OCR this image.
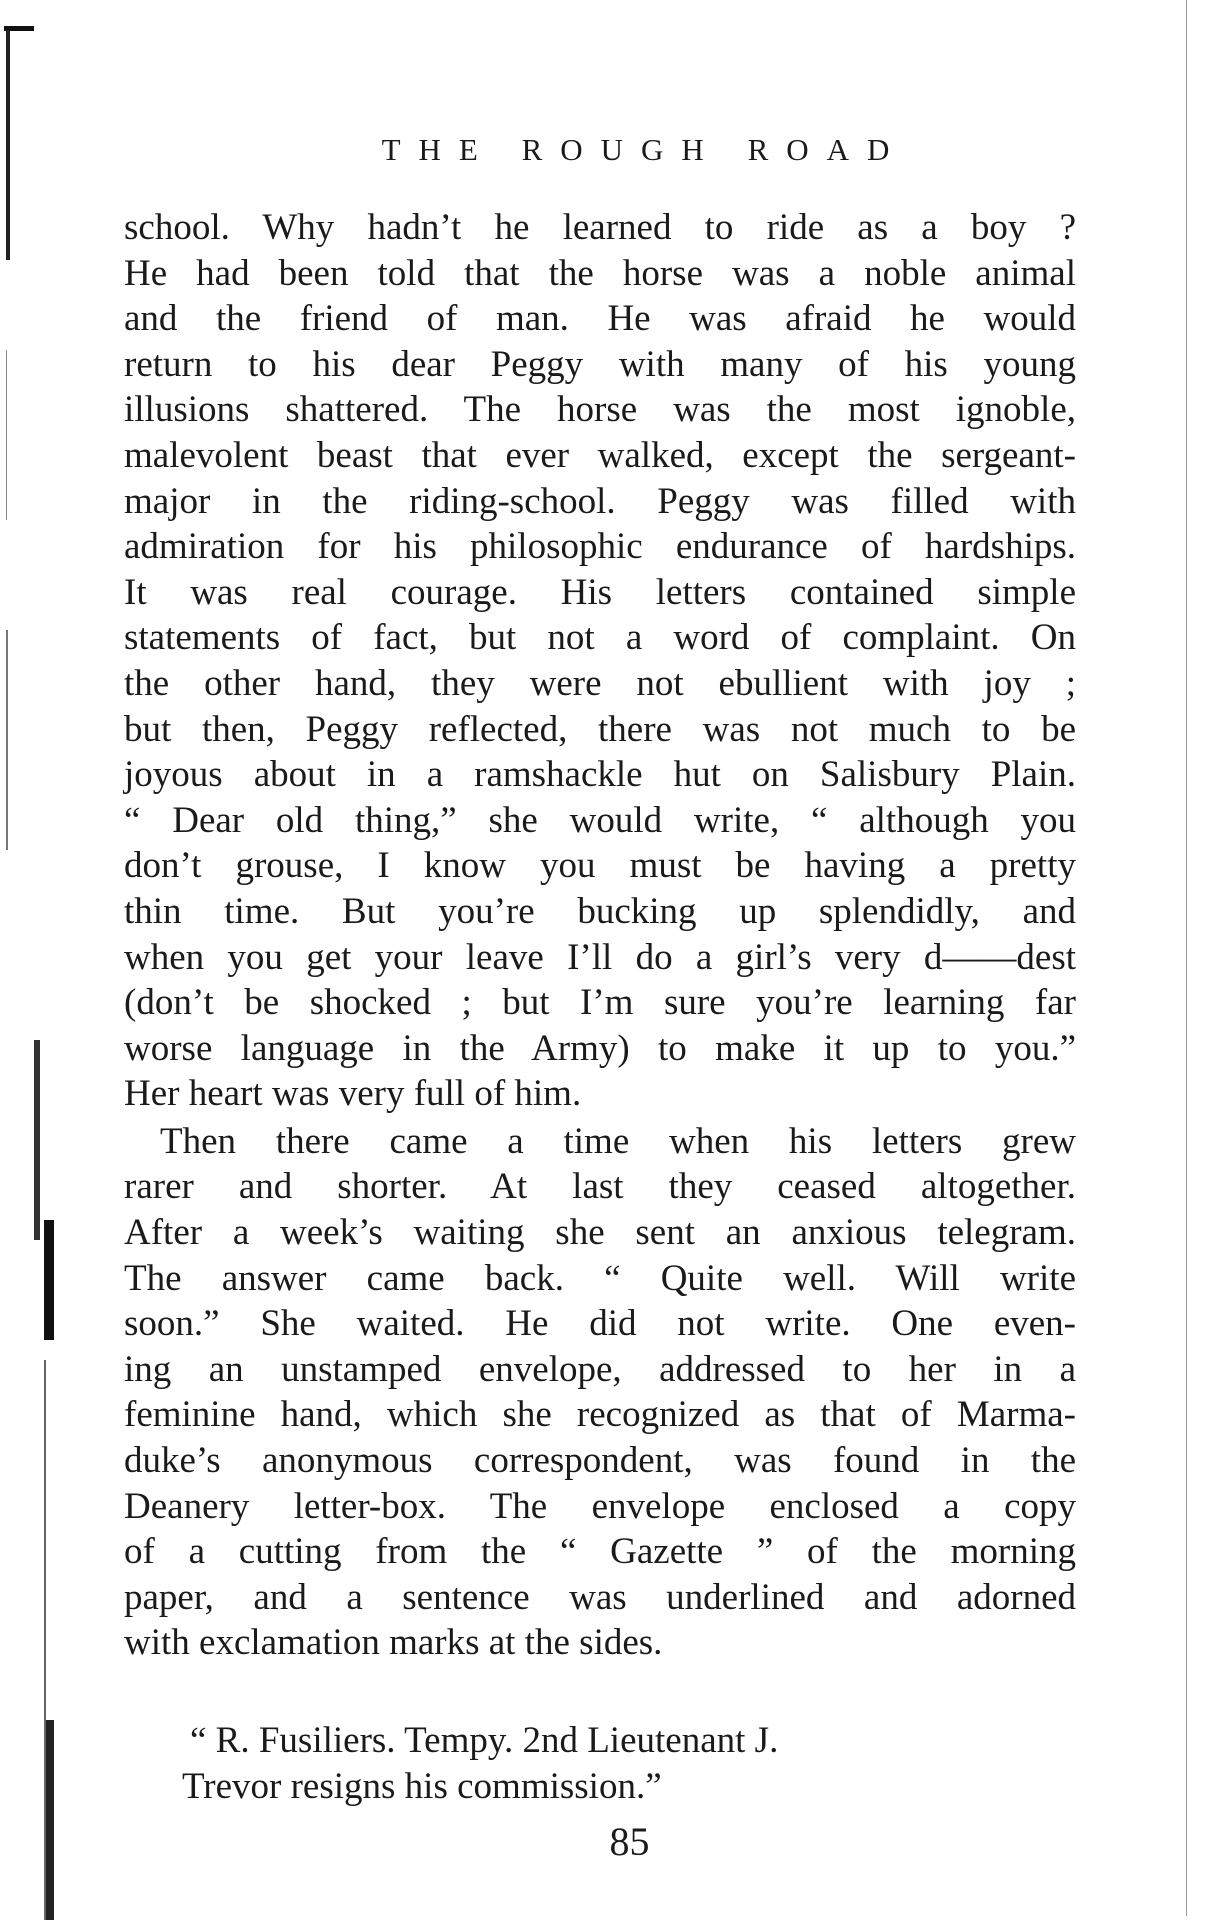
THE ROUGH ROAD
school. Why hadn’t he learned to ride as a boy ?
He had been told that the horse was a noble animal
and the friend of man. He was afraid he would
return to his dear Peggy with many of his young
illusions shattered. The horse was the most ignoble,
malevolent beast that ever walked, except the sergeant-
major in the riding-school. Peggy was filled with
admiration for his philosophic endurance of hardships.
It was real courage. His letters contained simple
statements of fact, but not a word of complaint. On
the other hand, they were not ebullient with joy ;
but then, Peggy reflected, there was not much to be
joyous about in a ramshackle hut on Salisbury Plain.
“ Dear old thing,” she would write, “ although you
don’t grouse, I know you must be having a pretty
thin time. But you’re bucking up splendidly, and
when you get your leave I’ll do a girl’s very d——dest
(don’t be shocked ; but I’m sure you’re learning far
worse language in the Army) to make it up to you.”
Her heart was very full of him.
Then there came a time when his letters grew
rarer and shorter. At last they ceased altogether.
After a week’s waiting she sent an anxious telegram.
The answer came back. “ Quite well. Will write
soon.” She waited. He did not write. One even-
ing an unstamped envelope, addressed to her in a
feminine hand, which she recognized as that of Marma-
duke’s anonymous correspondent, was found in the
Deanery letter-box. The envelope enclosed a copy
of a cutting from the “ Gazette ” of the morning
paper, and a sentence was underlined and adorned
with exclamation marks at the sides.
“ R. Fusiliers. Tempy. 2nd Lieutenant J.
Trevor resigns his commission.”
85
